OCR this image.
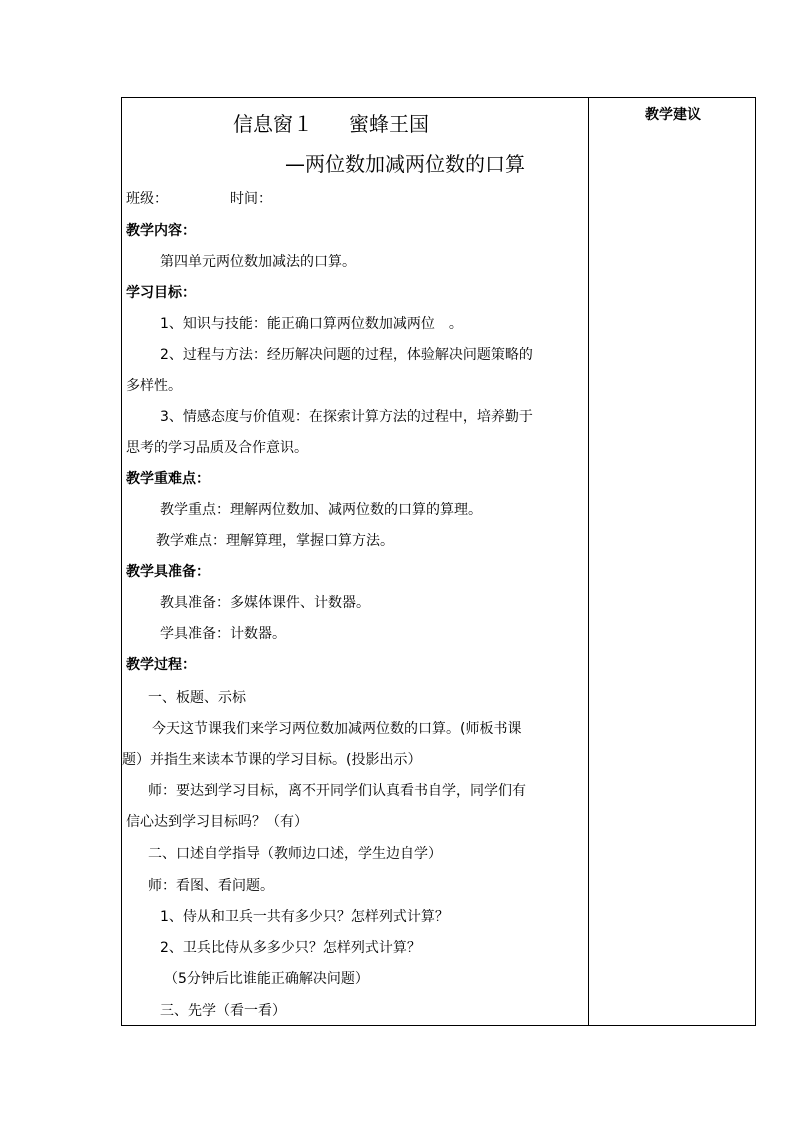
教学建议
信息窗１ 蜜蜂王国
—两位数加减两位数的口算
班级：	时间：
教学内容：
第四单元两位数加减法的口算。
学习目标：
1、知识与技能：能正确口算两位数加减两位　。
2、过程与方法：经历解决问题的过程，体验解决问题策略的
多样性。
3、情感态度与价值观：在探索计算方法的过程中，培养勤于
思考的学习品质及合作意识。
教学重难点：
教学重点：理解两位数加、减两位数的口算的算理。
教学难点：理解算理，掌握口算方法。
教学具准备：
教具准备：多媒体课件、计数器。
学具准备：计数器。
教学过程：
一、板题、示标
今天这节课我们来学习两位数加减两位数的口算。(师板书课
题）并指生来读本节课的学习目标。(投影出示）
师：要达到学习目标，离不开同学们认真看书自学，同学们有
信心达到学习目标吗？（有）
二、口述自学指导（教师边口述，学生边自学）
师：看图、看问题。
1、侍从和卫兵一共有多少只？怎样列式计算？
2、卫兵比侍从多多少只？怎样列式计算？
（5分钟后比谁能正确解决问题）
三、先学（看一看）
